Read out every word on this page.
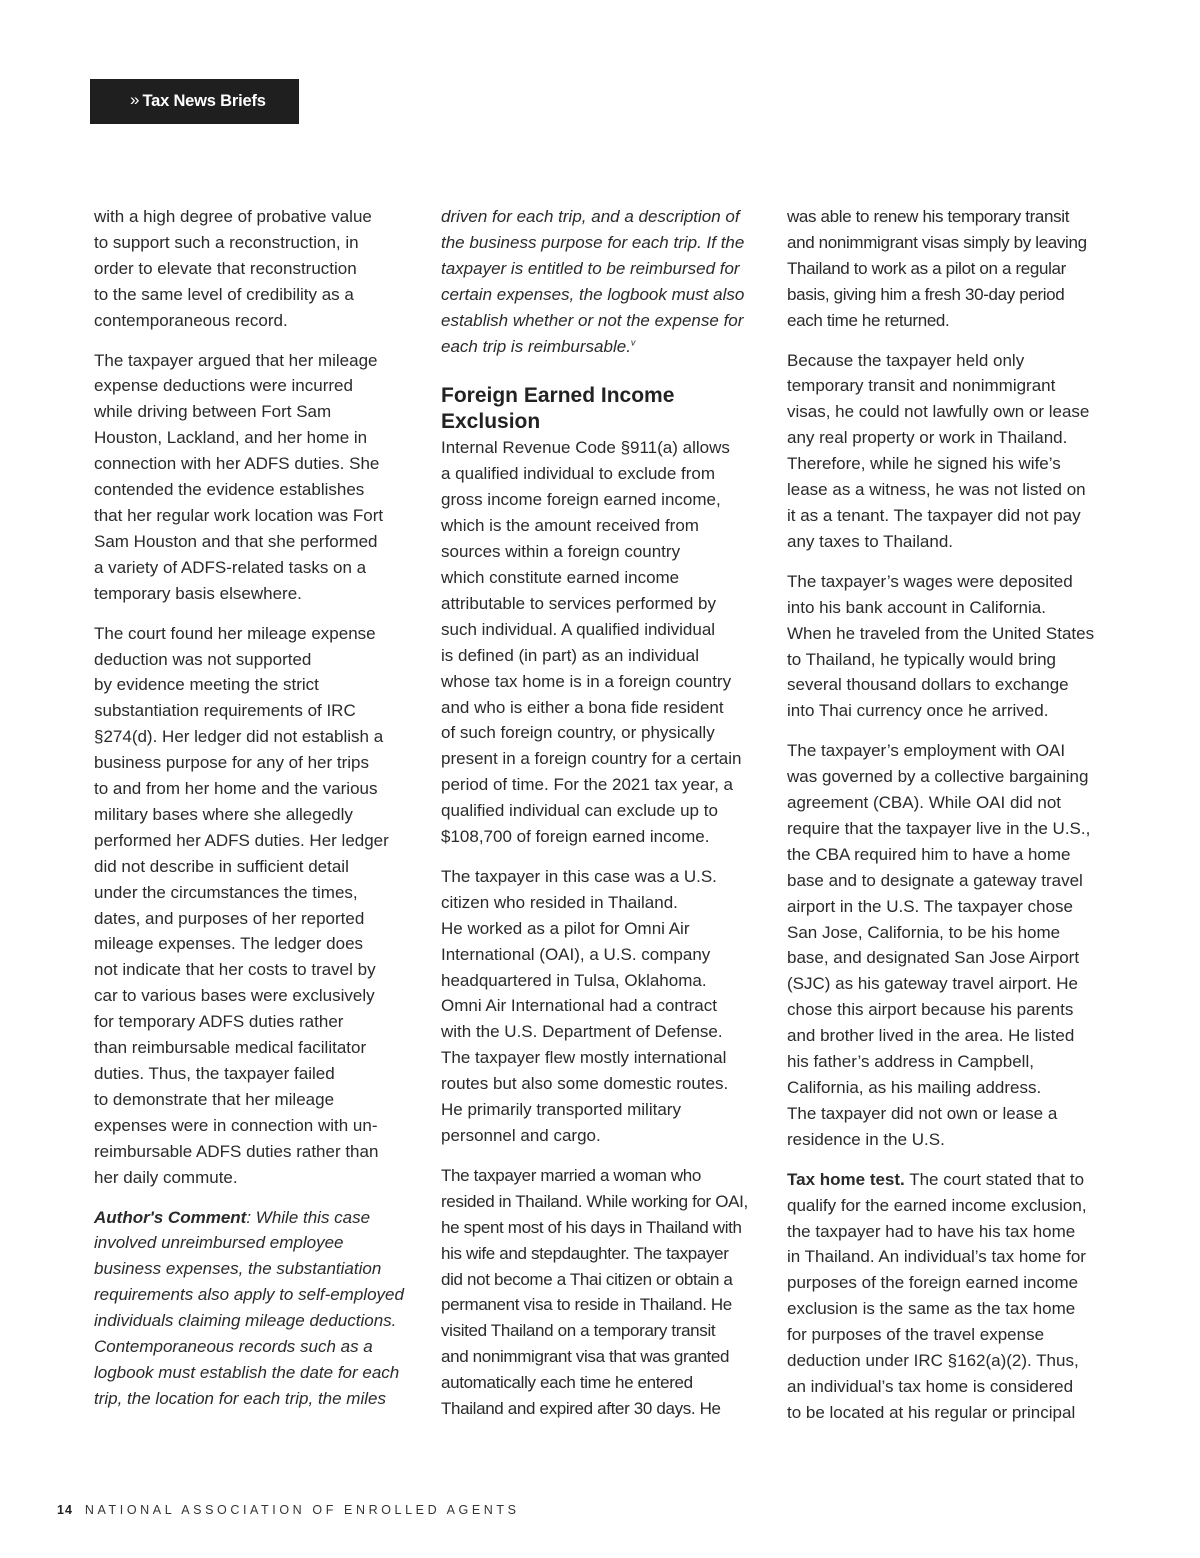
» Tax News Briefs

with a high degree of probative value
to support such a reconstruction, in
order to elevate that reconstruction
to the same level of credibility as a
contemporaneous record.

The taxpayer argued that her mileage
expense deductions were incurred
while driving between Fort Sam
Houston, Lackland, and her home in
connection with her ADFS duties. She
contended the evidence establishes
that her regular work location was Fort
Sam Houston and that she performed
a variety of ADFS-related tasks on a
temporary basis elsewhere.

The court found her mileage expense
deduction was not supported
by evidence meeting the strict
substantiation requirements of IRC
§274(d). Her ledger did not establish a
business purpose for any of her trips
to and from her home and the various
military bases where she allegedly
performed her ADFS duties. Her ledger
did not describe in sufficient detail
under the circumstances the times,
dates, and purposes of her reported
mileage expenses. The ledger does
not indicate that her costs to travel by
car to various bases were exclusively
for temporary ADFS duties rather
than reimbursable medical facilitator
duties. Thus, the taxpayer failed
to demonstrate that her mileage
expenses were in connection with un-
reimbursable ADFS duties rather than
her daily commute.

Author's Comment: While this case
involved unreimbursed employee
business expenses, the substantiation
requirements also apply to self-employed
individuals claiming mileage deductions.
Contemporaneous records such as a
logbook must establish the date for each
trip, the location for each trip, the miles

driven for each trip, and a description of
the business purpose for each trip. If the
taxpayer is entitled to be reimbursed for
certain expenses, the logbook must also
establish whether or not the expense for
each trip is reimbursable.$^v$

Foreign Earned Income
Exclusion

Internal Revenue Code §911(a) allows
a qualified individual to exclude from
gross income foreign earned income,
which is the amount received from
sources within a foreign country
which constitute earned income
attributable to services performed by
such individual. A qualified individual
is defined (in part) as an individual
whose tax home is in a foreign country
and who is either a bona fide resident
of such foreign country, or physically
present in a foreign country for a certain
period of time. For the 2021 tax year, a
qualified individual can exclude up to
$108,700 of foreign earned income.

The taxpayer in this case was a U.S.
citizen who resided in Thailand.
He worked as a pilot for Omni Air
International (OAI), a U.S. company
headquartered in Tulsa, Oklahoma.
Omni Air International had a contract
with the U.S. Department of Defense.
The taxpayer flew mostly international
routes but also some domestic routes.
He primarily transported military
personnel and cargo.

The taxpayer married a woman who
resided in Thailand. While working for OAI,
he spent most of his days in Thailand with
his wife and stepdaughter. The taxpayer
did not become a Thai citizen or obtain a
permanent visa to reside in Thailand. He
visited Thailand on a temporary transit
and nonimmigrant visa that was granted
automatically each time he entered
Thailand and expired after 30 days. He

was able to renew his temporary transit
and nonimmigrant visas simply by leaving
Thailand to work as a pilot on a regular
basis, giving him a fresh 30-day period
each time he returned.

Because the taxpayer held only
temporary transit and nonimmigrant
visas, he could not lawfully own or lease
any real property or work in Thailand.
Therefore, while he signed his wife’s
lease as a witness, he was not listed on
it as a tenant. The taxpayer did not pay
any taxes to Thailand.

The taxpayer’s wages were deposited
into his bank account in California.
When he traveled from the United States
to Thailand, he typically would bring
several thousand dollars to exchange
into Thai currency once he arrived.

The taxpayer’s employment with OAI
was governed by a collective bargaining
agreement (CBA). While OAI did not
require that the taxpayer live in the U.S.,
the CBA required him to have a home
base and to designate a gateway travel
airport in the U.S. The taxpayer chose
San Jose, California, to be his home
base, and designated San Jose Airport
(SJC) as his gateway travel airport. He
chose this airport because his parents
and brother lived in the area. He listed
his father’s address in Campbell,
California, as his mailing address.
The taxpayer did not own or lease a
residence in the U.S.

Tax home test. The court stated that to
qualify for the earned income exclusion,
the taxpayer had to have his tax home
in Thailand. An individual’s tax home for
purposes of the foreign earned income
exclusion is the same as the tax home
for purposes of the travel expense
deduction under IRC §162(a)(2). Thus,
an individual’s tax home is considered
to be located at his regular or principal

14 NATIONAL ASSOCIATION OF ENROLLED AGENTS
